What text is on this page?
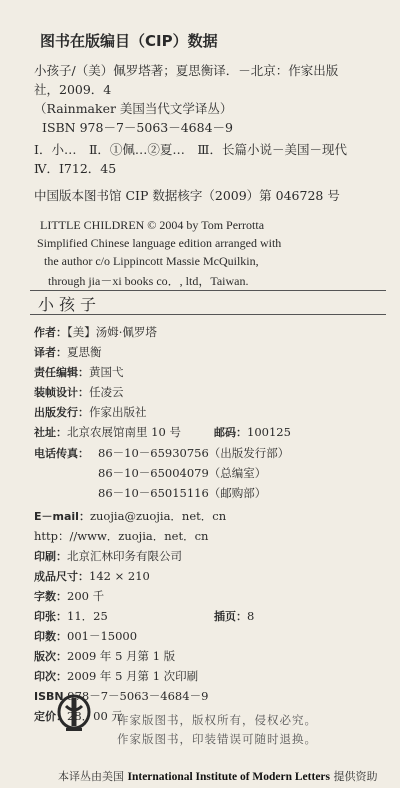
图书在版编目（CIP）数据
小孩子/（美）佩罗塔著；夏思衡译．－北京：作家出版
社，2009．4
（Rainmaker 美国当代文学译丛）
ISBN 978－7－5063－4684－9
Ⅰ．小…　Ⅱ．①佩…②夏…　Ⅲ．长篇小说－美国－现代
Ⅳ．I712．45
中国版本图书馆 CIP 数据核字（2009）第 046728 号
LITTLE CHILDREN © 2004 by Tom Perrotta
Simplified Chinese language edition arranged with
the author c/o Lippincott Massie McQuilkin,
through jia－xi books co．, ltd，Taiwan.
小孩子
作者：【美】汤姆·佩罗塔
译者：夏思衡
责任编辑：黄国弋
装帧设计：任凌云
出版发行：作家出版社
社址：北京农展馆南里 10 号	邮码：100125
电话传真： 86－10－65930756（出版发行部）
86－10－65004079（总编室）
86－10－65015116（邮购部）
E－mail：zuojia@zuojia．net．cn
http：//www．zuojia．net．cn
印刷：北京汇林印务有限公司
成品尺寸：142 × 210
字数：200 千
印张：11．25	插页：8
印数：001－15000
版次：2009 年 5 月第 1 版
印次：2009 年 5 月第 1 次印刷
ISBN 978－7－5063－4684－9
定价：28．00 元
作家版图书，版权所有，侵权必究。
作家版图书，印装错误可随时退换。
本译丛由美国 International Institute of Modern Letters 提供资助
